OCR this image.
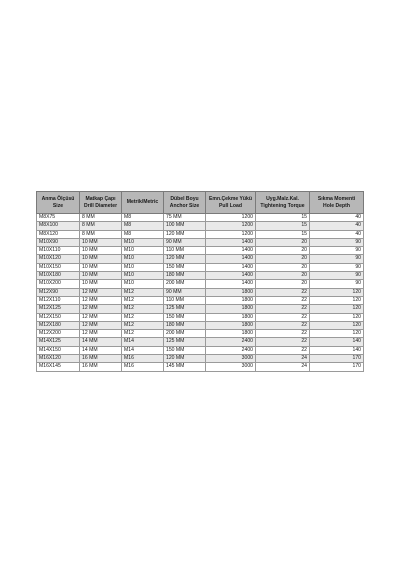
Anma Ölçüsü
Size	Matkap Çapı
Drill Diameter	Metrik/Metric	Dübel Boyu
Anchor Size	Emn.Çekme Yükü
Pull Load	Uyg.Malz.Kal.
Tightening Torque	Sıkma Momenti
Hole Depth

M8X75	8 MM	M8	75 MM	1200	15	40
M8X100	8 MM	M8	100 MM	1200	15	40
M8X120	8 MM	M8	120 MM	1200	15	40
M10X90	10 MM	M10	90 MM	1400	20	90
M10X110	10 MM	M10	110 MM	1400	20	90
M10X120	10 MM	M10	120 MM	1400	20	90
M10X150	10 MM	M10	150 MM	1400	20	90
M10X180	10 MM	M10	180 MM	1400	20	90
M10X200	10 MM	M10	200 MM	1400	20	90
M12X90	12 MM	M12	90 MM	1800	22	120
M12X110	12 MM	M12	110 MM	1800	22	120
M12X125	12 MM	M12	125 MM	1800	22	120
M12X150	12 MM	M12	150 MM	1800	22	120
M12X180	12 MM	M12	180 MM	1800	22	120
M12X200	12 MM	M12	200 MM	1800	22	120
M14X125	14 MM	M14	125 MM	2400	22	140
M14X150	14 MM	M14	150 MM	2400	22	140
M16X120	16 MM	M16	120 MM	3000	24	170
M16X145	16 MM	M16	145 MM	3000	24	170
